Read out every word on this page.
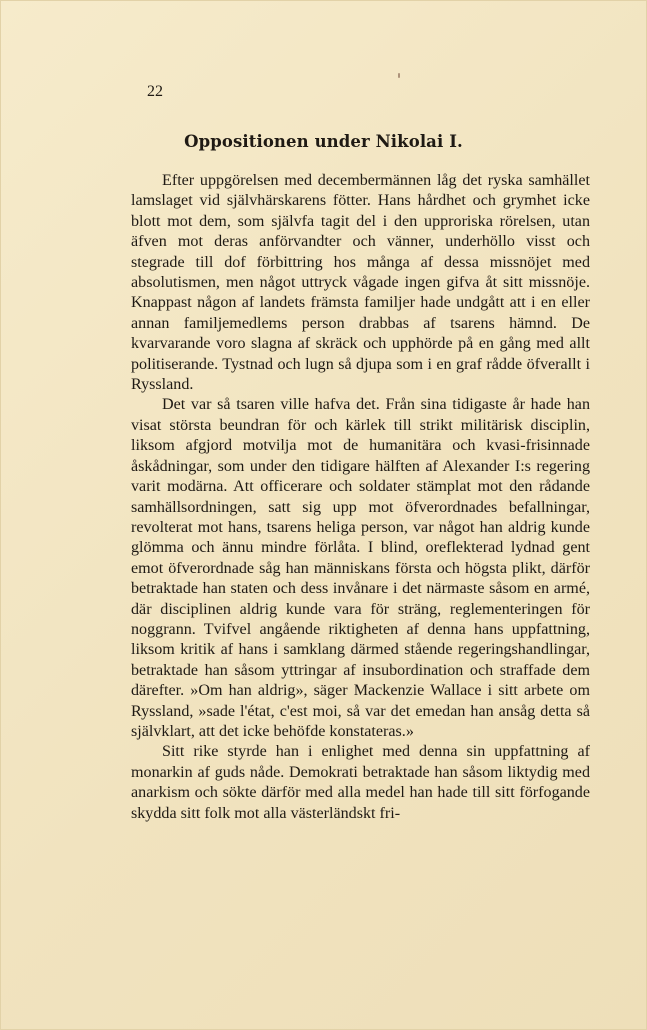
22
Oppositionen under Nikolai I.

Efter uppgörelsen med decembermännen låg det ryska samhället lamslaget vid självhärskarens fötter. Hans hårdhet och grymhet icke blott mot dem, som självfa tagit del i den upproriska rörelsen, utan äfven mot deras anförvandter och vänner, underhöllo visst och stegrade till dof förbittring hos många af dessa missnöjet med absolutismen, men något uttryck vågade ingen gifva åt sitt missnöje. Knappast någon af landets främsta familjer hade undgått att i en eller annan familjemedlems person drabbas af tsarens hämnd. De kvarvarande voro slagna af skräck och upphörde på en gång med allt politiserande. Tystnad och lugn så djupa som i en graf rådde öfverallt i Ryssland.

Det var så tsaren ville hafva det. Från sina tidigaste år hade han visat största beundran för och kärlek till strikt militärisk disciplin, liksom afgjord motvilja mot de humanitära och kvasi-frisinnade åskådningar, som under den tidigare hälften af Alexander I:s regering varit modärna. Att officerare och soldater stämplat mot den rådande samhällsordningen, satt sig upp mot öfverordnades befallningar, revolterat mot hans, tsarens heliga person, var något han aldrig kunde glömma och ännu mindre förlåta. I blind, oreflekterad lydnad gent emot öfverordnade såg han människans första och högsta plikt, därför betraktade han staten och dess invånare i det närmaste såsom en armé, där disciplinen aldrig kunde vara för sträng, reglementeringen för noggrann. Tvifvel angående riktigheten af denna hans uppfattning, liksom kritik af hans i samklang därmed stående regeringshandlingar, betraktade han såsom yttringar af insubordination och straffade dem därefter. »Om han aldrig», säger Mackenzie Wallace i sitt arbete om Ryssland, »sade l'état, c'est moi, så var det emedan han ansåg detta så självklart, att det icke behöfde konstateras.»

Sitt rike styrde han i enlighet med denna sin uppfattning af monarkin af guds nåde. Demokrati betraktade han såsom liktydig med anarkism och sökte därför med alla medel han hade till sitt förfogande skydda sitt folk mot alla västerländskt fri-
